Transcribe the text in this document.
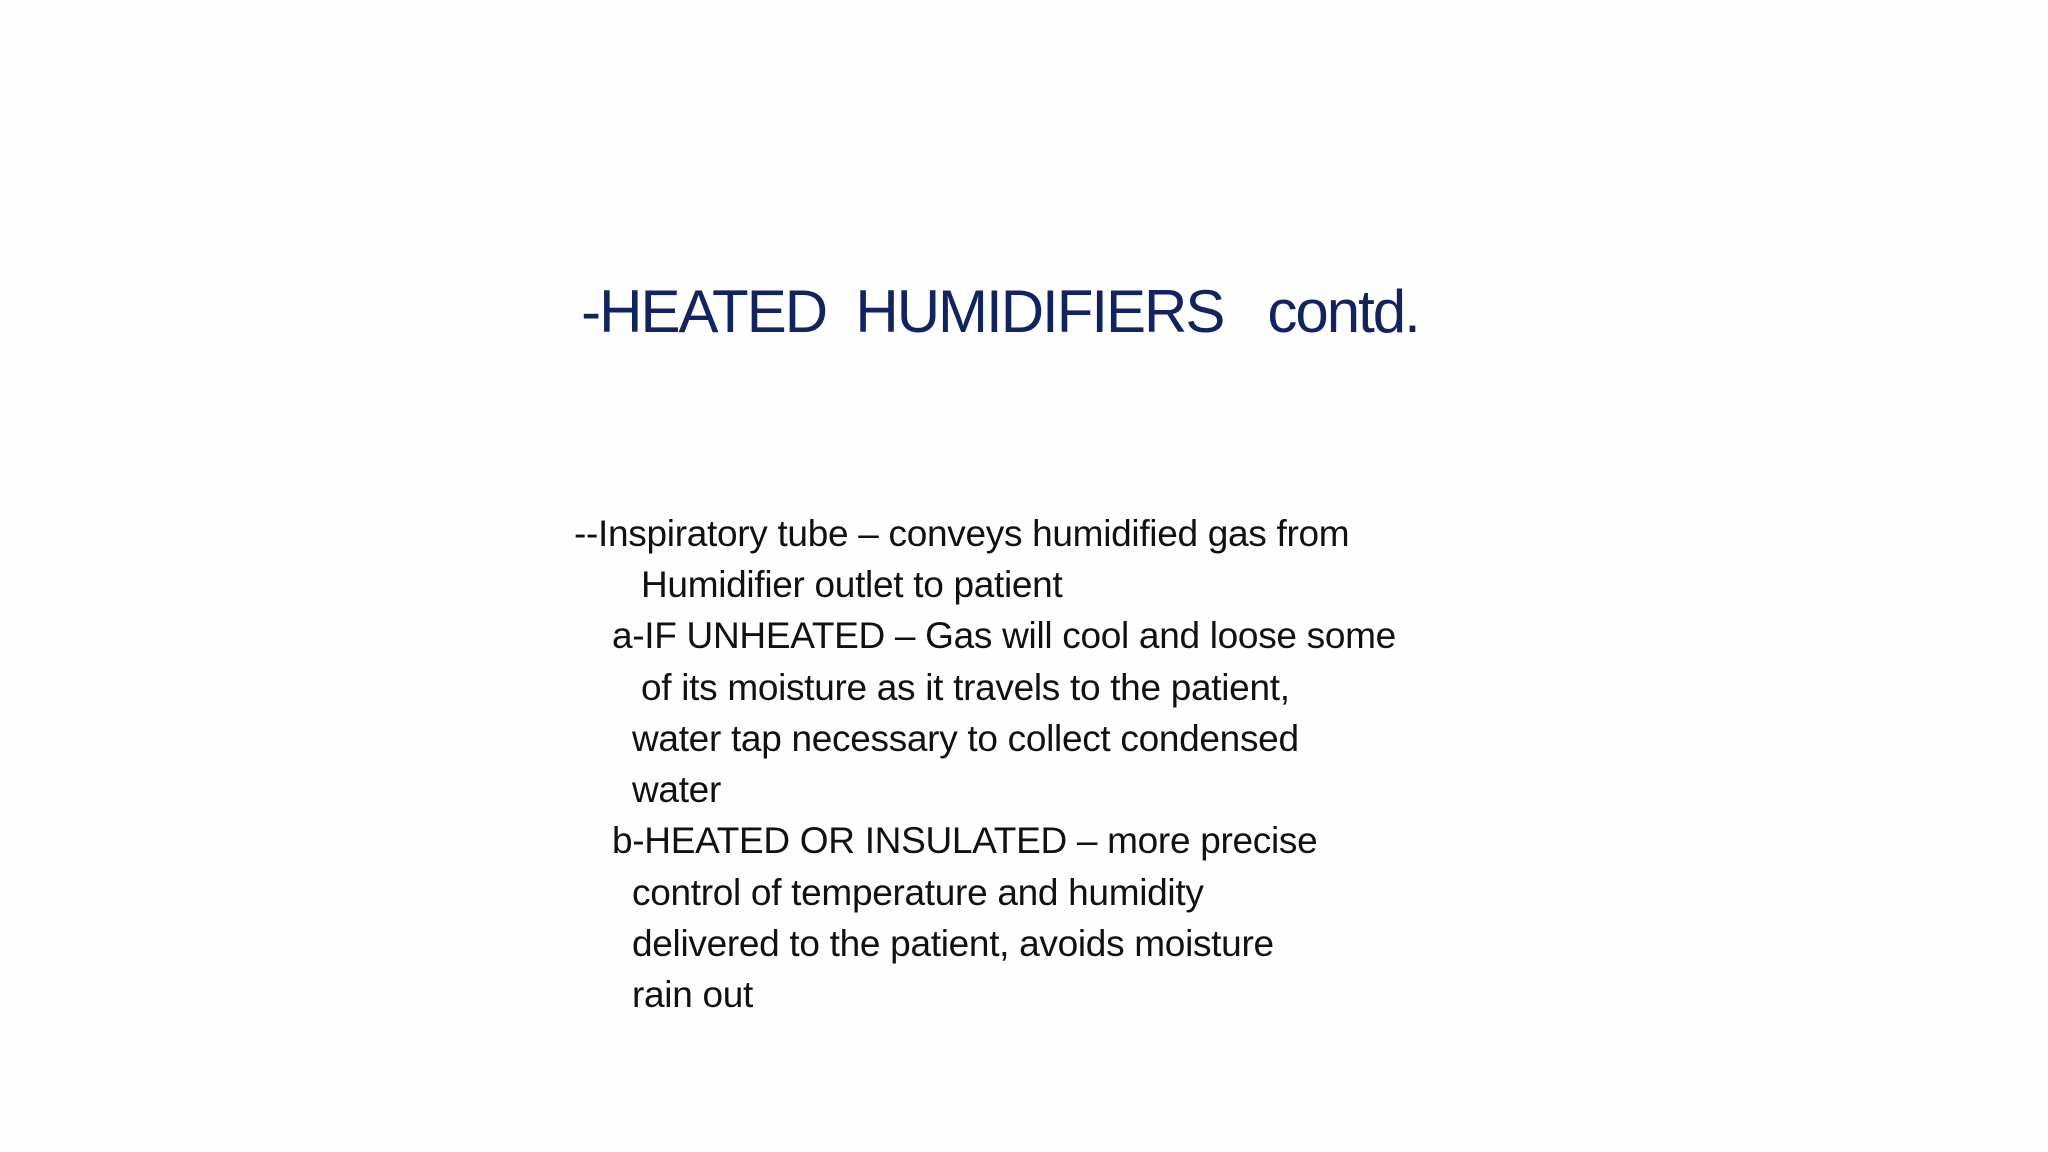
-HEATED  HUMIDIFIERS   contd.
--Inspiratory tube – conveys humidified gas from
Humidifier outlet to patient
a-IF UNHEATED – Gas will cool and loose some
of its moisture as it travels to the patient,
water tap necessary to collect condensed
water
b-HEATED OR INSULATED – more precise
control of temperature and humidity
delivered to the patient, avoids moisture
rain out
